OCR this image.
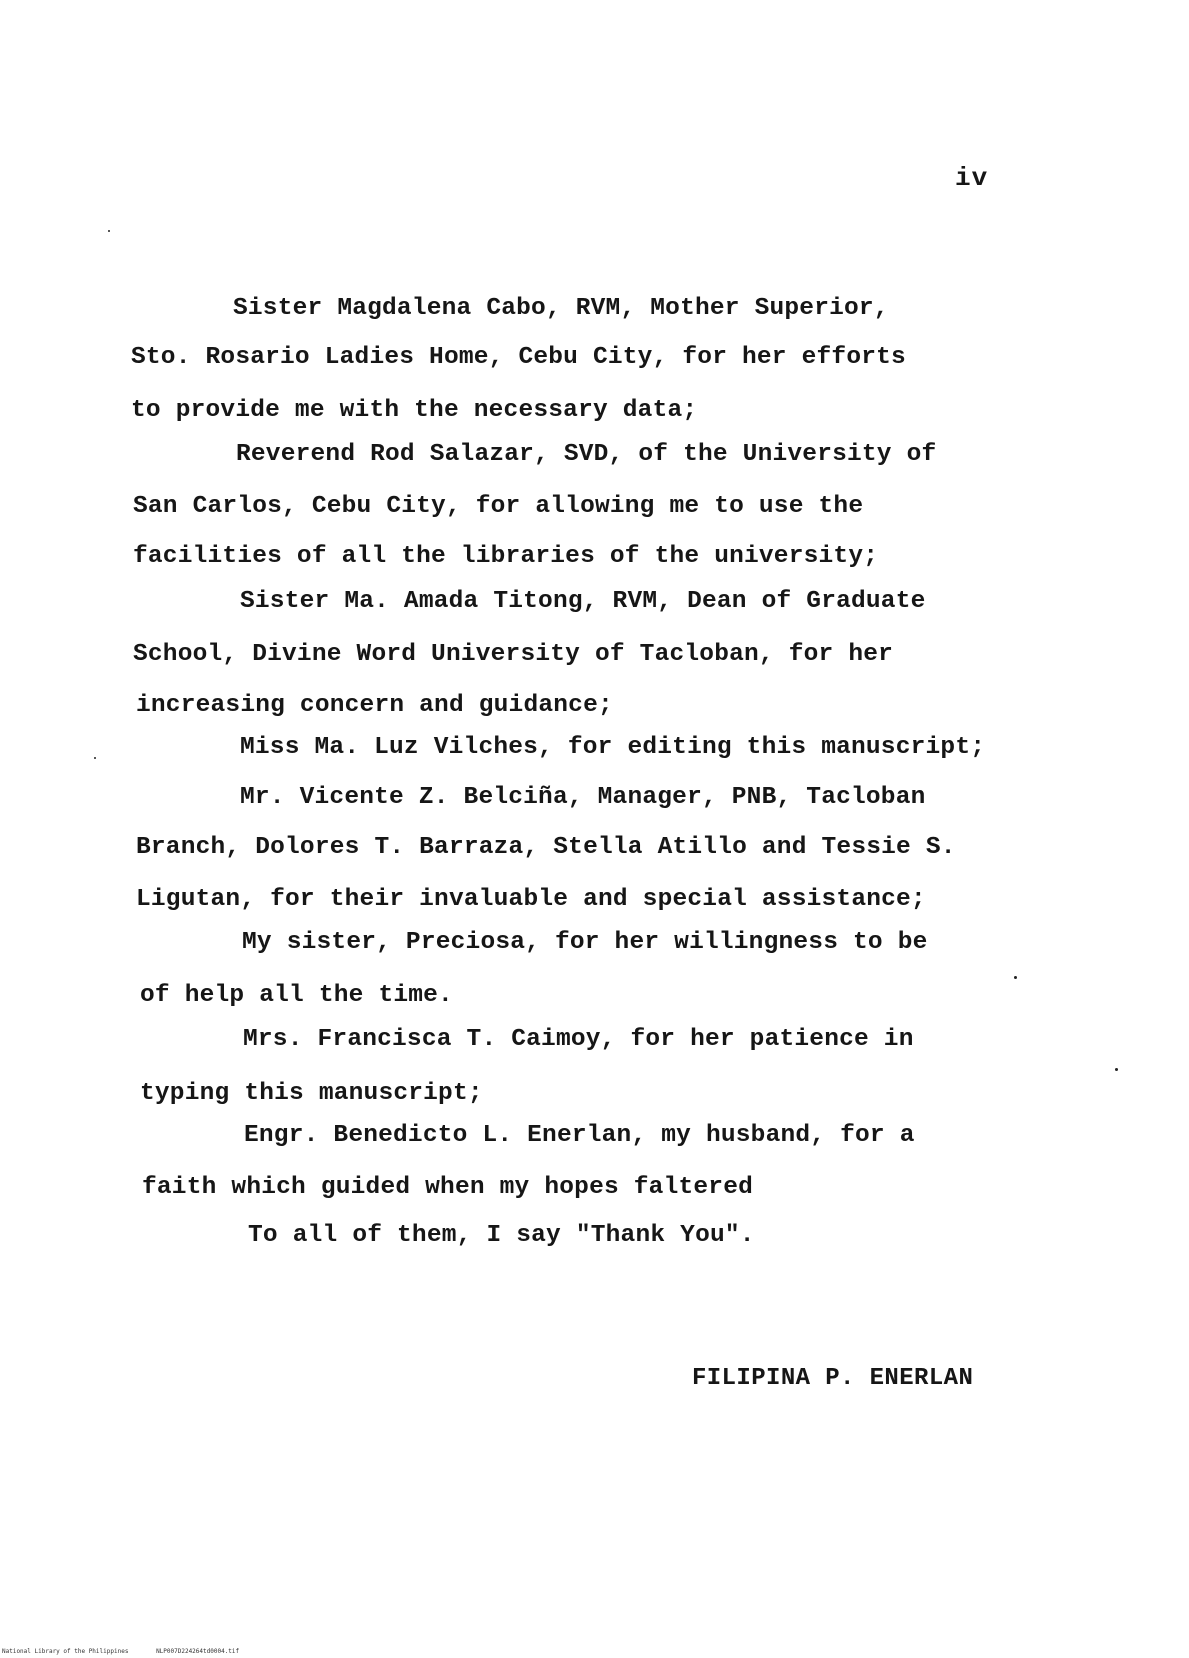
iv
Sister Magdalena Cabo, RVM, Mother Superior,
Sto. Rosario Ladies Home, Cebu City, for her efforts
to provide me with the necessary data;
Reverend Rod Salazar, SVD, of the University of
San Carlos, Cebu City, for allowing me to use the
facilities of all the libraries of the university;
Sister Ma. Amada Titong, RVM, Dean of Graduate
School, Divine Word University of Tacloban, for her
increasing concern and guidance;
Miss Ma. Luz Vilches, for editing this manuscript;
Mr. Vicente Z. Belciña, Manager, PNB, Tacloban
Branch, Dolores T. Barraza, Stella Atillo and Tessie S.
Ligutan, for their invaluable and special assistance;
My sister, Preciosa, for her willingness to be
of help all the time.
Mrs. Francisca T. Caimoy, for her patience in
typing this manuscript;
Engr. Benedicto L. Enerlan, my husband, for a
faith which guided when my hopes faltered
To all of them, I say "Thank You".
FILIPINA P. ENERLAN
National Library of the Philippines	NLP007D224264td0004.tif
